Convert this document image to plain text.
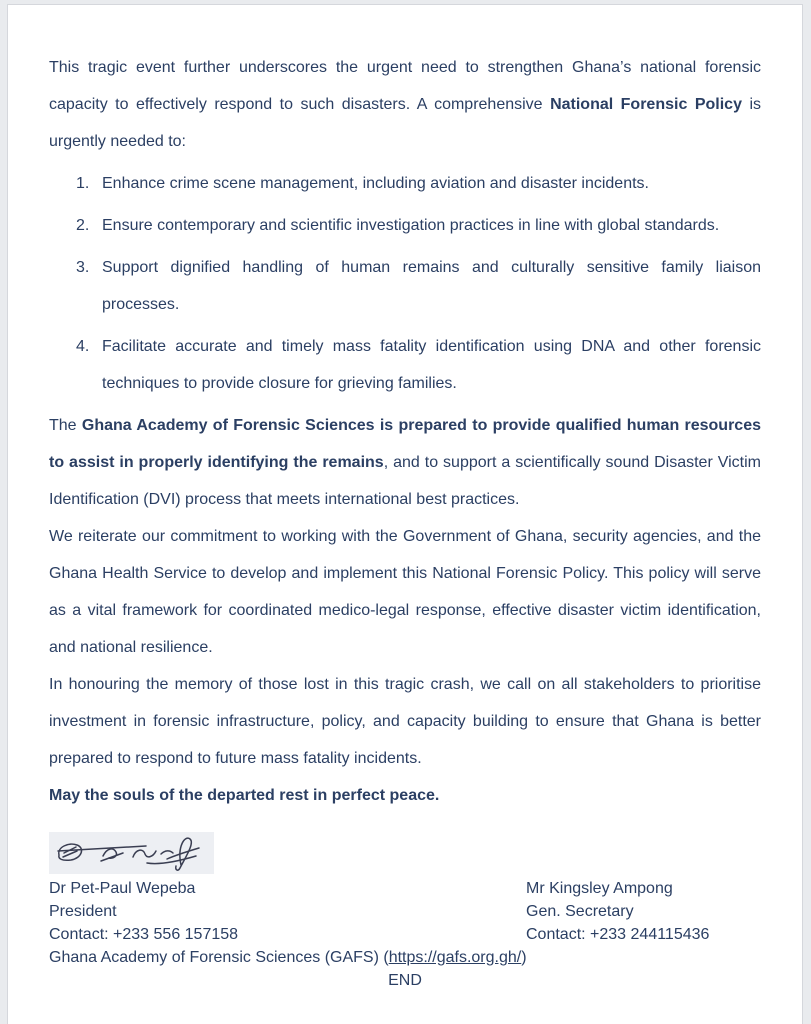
This tragic event further underscores the urgent need to strengthen Ghana’s national forensic capacity to effectively respond to such disasters. A comprehensive National Forensic Policy is urgently needed to:

1. Enhance crime scene management, including aviation and disaster incidents.
2. Ensure contemporary and scientific investigation practices in line with global standards.
3. Support dignified handling of human remains and culturally sensitive family liaison processes.
4. Facilitate accurate and timely mass fatality identification using DNA and other forensic techniques to provide closure for grieving families.

The Ghana Academy of Forensic Sciences is prepared to provide qualified human resources to assist in properly identifying the remains, and to support a scientifically sound Disaster Victim Identification (DVI) process that meets international best practices.

We reiterate our commitment to working with the Government of Ghana, security agencies, and the Ghana Health Service to develop and implement this National Forensic Policy. This policy will serve as a vital framework for coordinated medico-legal response, effective disaster victim identification, and national resilience.

In honouring the memory of those lost in this tragic crash, we call on all stakeholders to prioritise investment in forensic infrastructure, policy, and capacity building to ensure that Ghana is better prepared to respond to future mass fatality incidents.

May the souls of the departed rest in perfect peace.

Dr Pet-Paul Wepeba
President
Contact: +233 556 157158
Mr Kingsley Ampong
Gen. Secretary
Contact: +233 244115436
Ghana Academy of Forensic Sciences (GAFS) (https://gafs.org.gh/)
END
